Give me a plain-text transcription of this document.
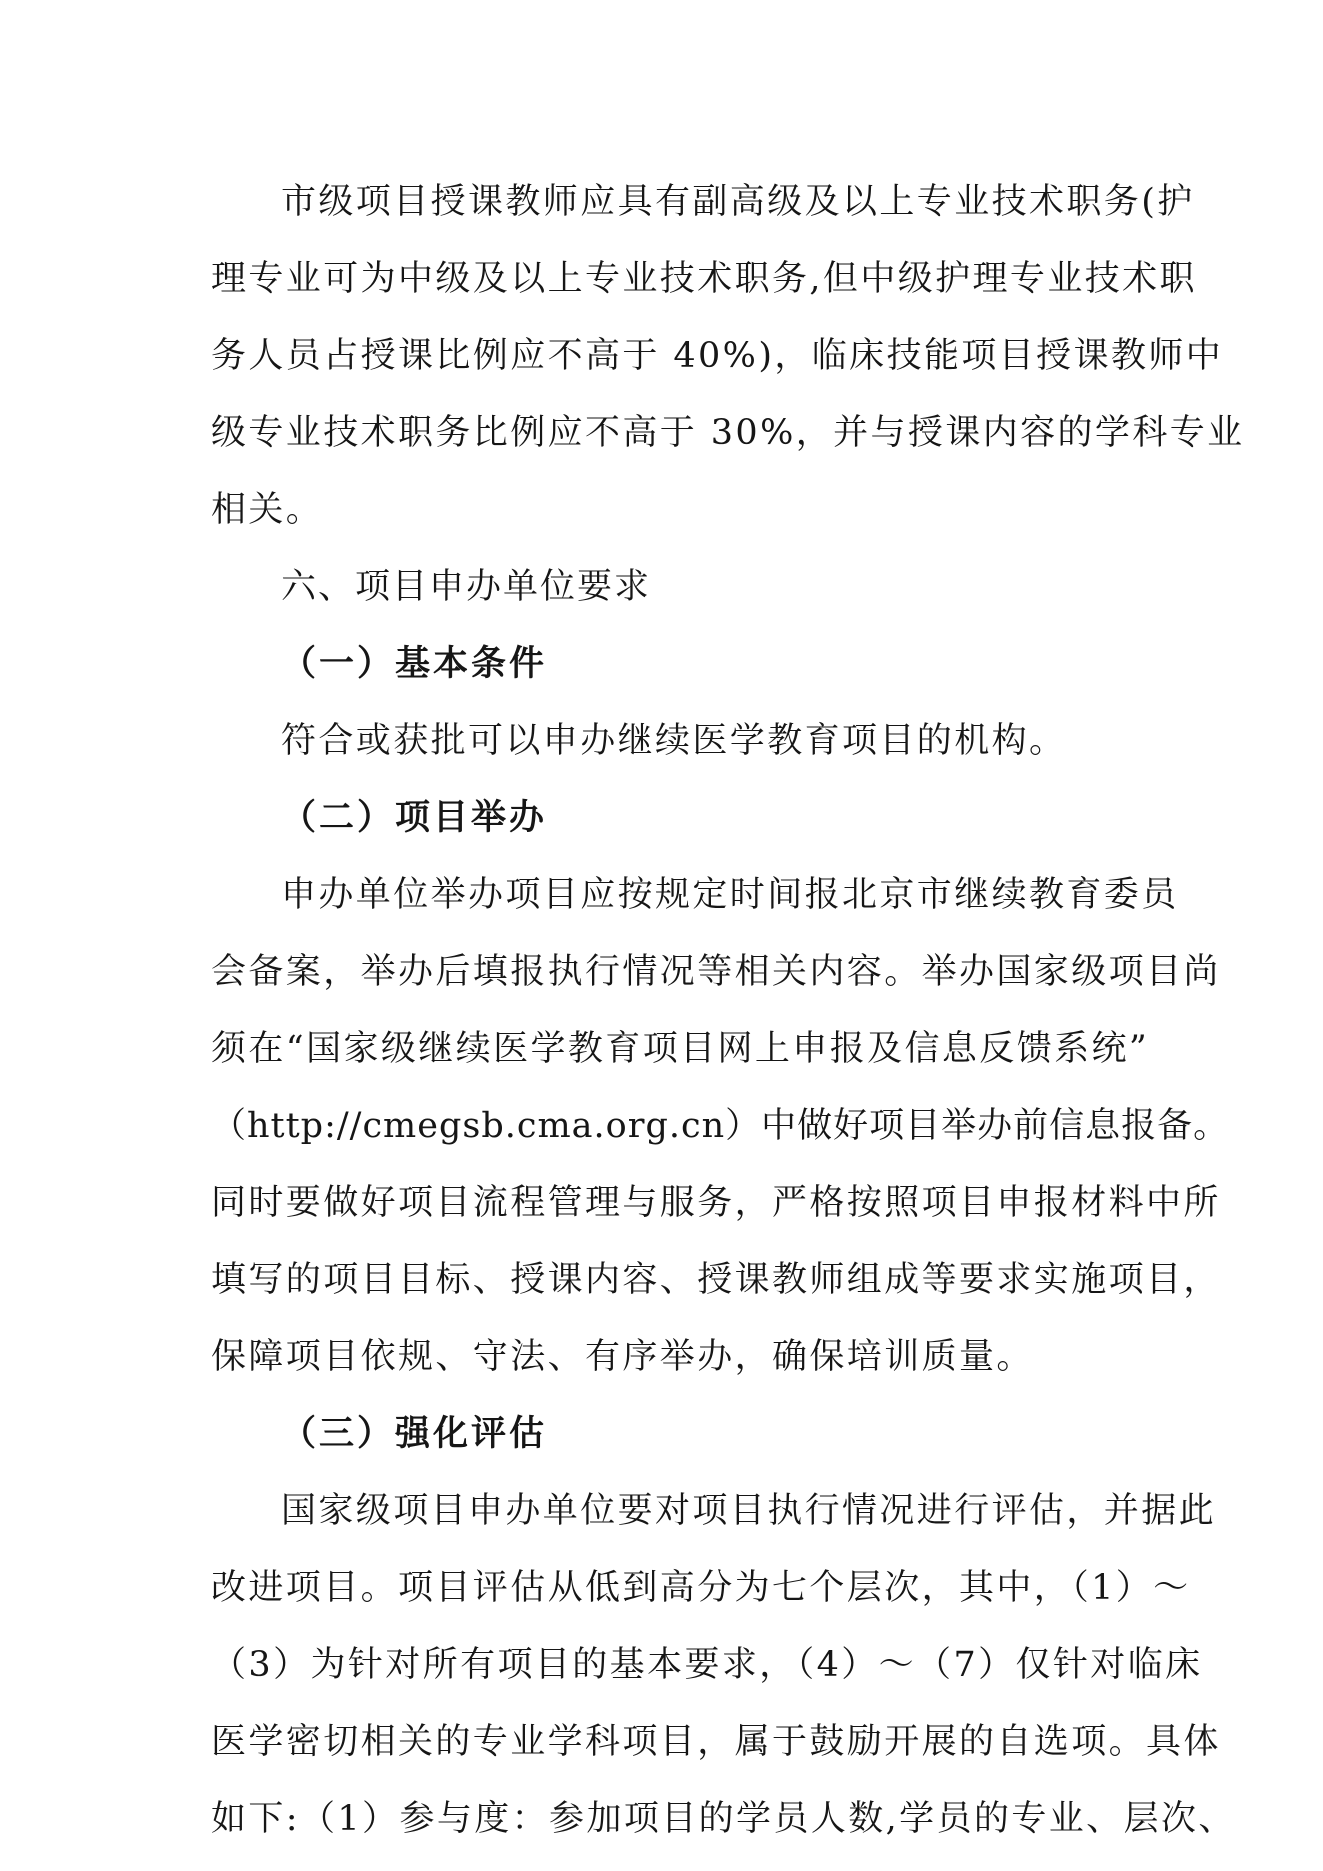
市级项目授课教师应具有副高级及以上专业技术职务(护
理专业可为中级及以上专业技术职务,但中级护理专业技术职
务人员占授课比例应不高于 40%)，临床技能项目授课教师中
级专业技术职务比例应不高于 30%，并与授课内容的学科专业
相关。
六、项目申办单位要求
（一）基本条件
符合或获批可以申办继续医学教育项目的机构。
（二）项目举办
申办单位举办项目应按规定时间报北京市继续教育委员
会备案，举办后填报执行情况等相关内容。举办国家级项目尚
须在“国家级继续医学教育项目网上申报及信息反馈系统”
（http://cmegsb.cma.org.cn）中做好项目举办前信息报备。
同时要做好项目流程管理与服务，严格按照项目申报材料中所
填写的项目目标、授课内容、授课教师组成等要求实施项目，
保障项目依规、守法、有序举办，确保培训质量。
（三）强化评估
国家级项目申办单位要对项目执行情况进行评估，并据此
改进项目。项目评估从低到高分为七个层次，其中，（1）～
（3）为针对所有项目的基本要求，（4）～（7）仅针对临床
医学密切相关的专业学科项目，属于鼓励开展的自选项。具体
如下:（1）参与度：参加项目的学员人数,学员的专业、层次、
